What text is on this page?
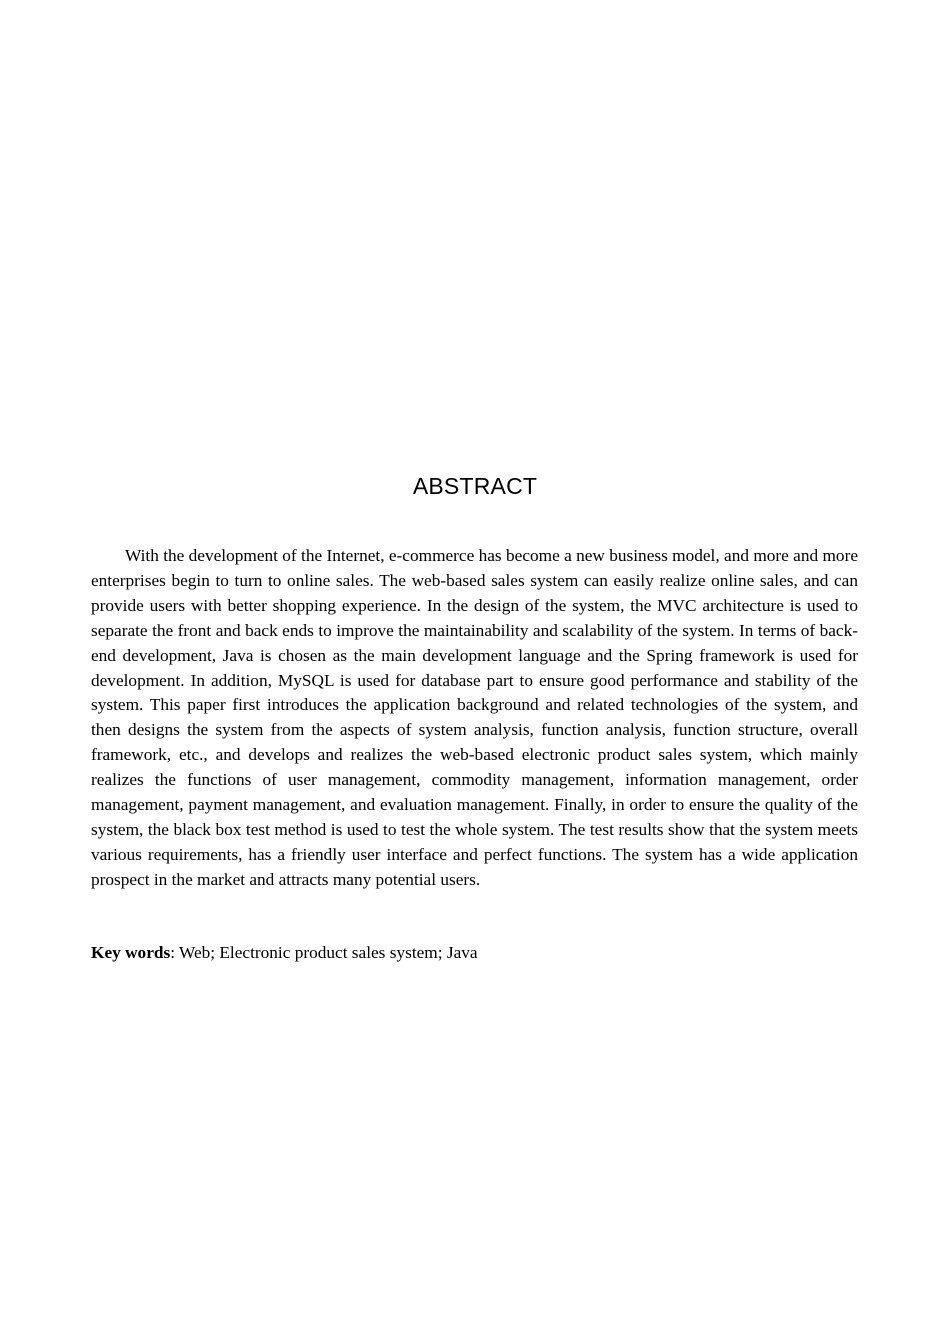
ABSTRACT

With the development of the Internet, e-commerce has become a new business model, and more and more enterprises begin to turn to online sales. The web-based sales system can easily realize online sales, and can provide users with better shopping experience. In the design of the system, the MVC architecture is used to separate the front and back ends to improve the maintainability and scalability of the system. In terms of back-end development, Java is chosen as the main development language and the Spring framework is used for development. In addition, MySQL is used for database part to ensure good performance and stability of the system. This paper first introduces the application background and related technologies of the system, and then designs the system from the aspects of system analysis, function analysis, function structure, overall framework, etc., and develops and realizes the web-based electronic product sales system, which mainly realizes the functions of user management, commodity management, information management, order management, payment management, and evaluation management. Finally, in order to ensure the quality of the system, the black box test method is used to test the whole system. The test results show that the system meets various requirements, has a friendly user interface and perfect functions. The system has a wide application prospect in the market and attracts many potential users.

Key words: Web; Electronic product sales system; Java
